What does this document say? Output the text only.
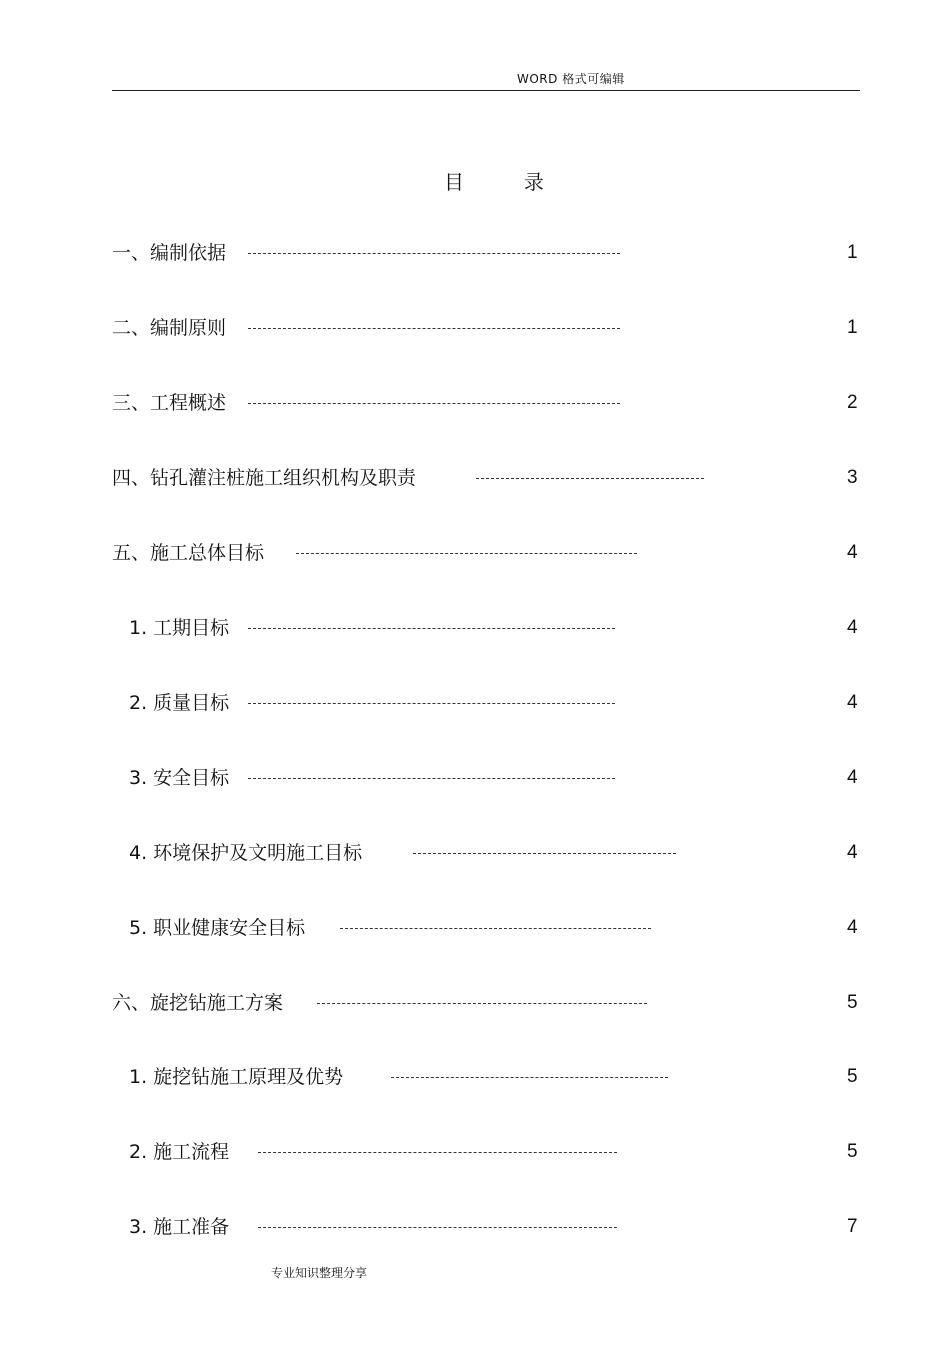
WORD 格式可编辑
目        录
一、编制依据	1
二、编制原则	1
三、工程概述	2
四、钻孔灌注桩施工组织机构及职责	3
五、施工总体目标	4
1. 工期目标	4
2. 质量目标	4
3. 安全目标	4
4. 环境保护及文明施工目标	4
5. 职业健康安全目标	4
六、旋挖钻施工方案	5
1. 旋挖钻施工原理及优势	5
2. 施工流程	5
3. 施工准备	7
专业知识整理分享
